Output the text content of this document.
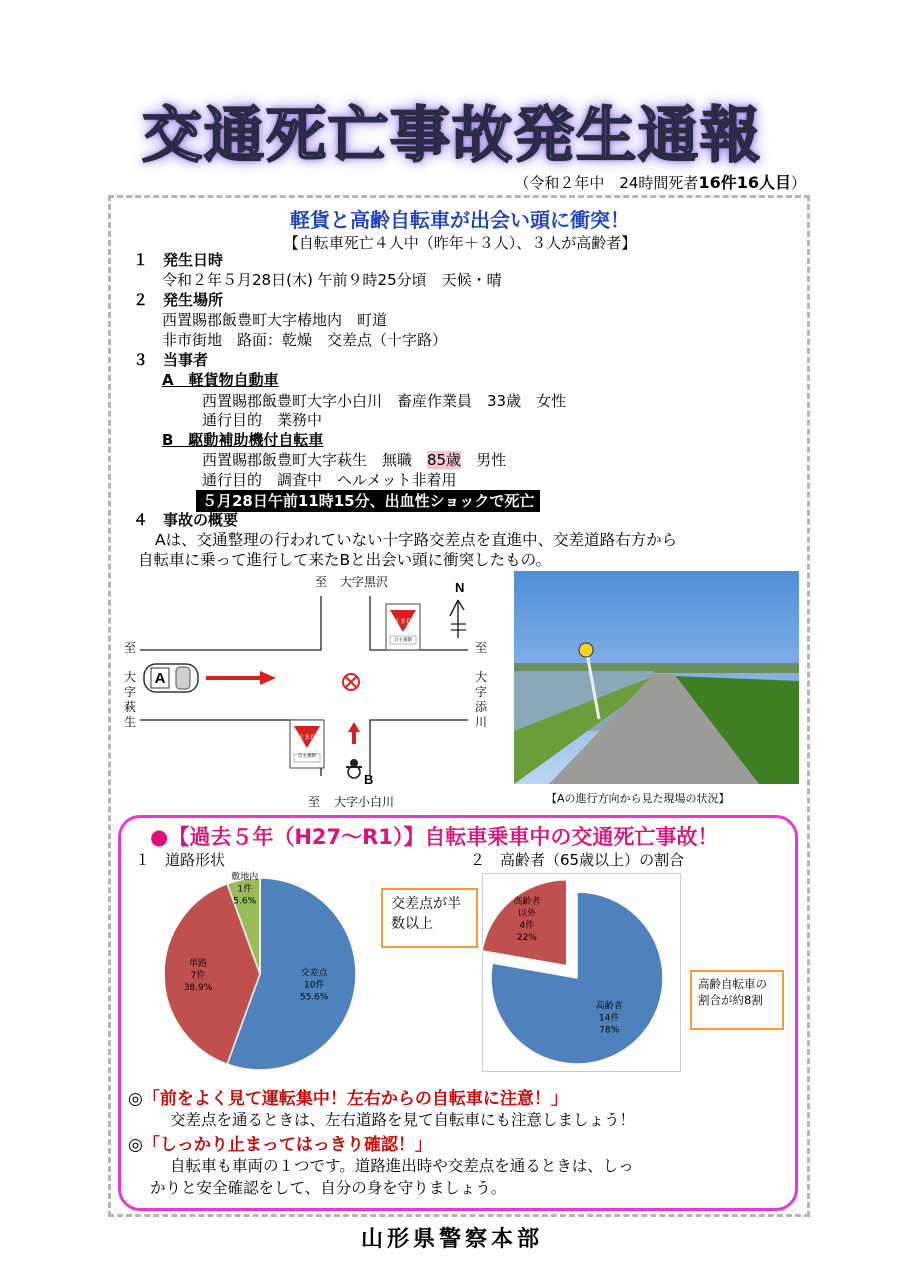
交通死亡事故発生通報
（令和２年中　24時間死者16件16人目）
軽貨と高齢自転車が出会い頭に衝突！
【自転車死亡４人中（昨年＋３人）、３人が高齢者】
１　 発生日時
令和２年５月28日(木) 午前９時25分頃　天候・晴
２　 発生場所
西置賜郡飯豊町大字椿地内　町道
非市街地　路面：乾燥　交差点（十字路）
３　 当事者
A　軽貨物自動車
西置賜郡飯豊町大字小白川　畜産作業員　33歳　女性
通行目的　業務中
B　駆動補助機付自転車
西置賜郡飯豊町大字萩生　無職　85歳　男性
通行目的　調査中　ヘルメット非着用
５月28日午前11時15分、出血性ショックで死亡
４　 事故の概要
Aは、交通整理の行われていない十字路交差点を直進中、交差道路右方から
自転車に乗って進行して来たBと出会い頭に衝突したもの。
A
B
N
至 大字黒沢
至	至
至 大字小白川
止まれ
自主規制
止まれ
自主規制
大字萩生
大字添川
【Aの進行方向から見た現場の状況】
●【過去５年（H27〜R1）】自転車乗車中の交通死亡事故！
１　道路形状	２　高齢者（65歳以上）の割合
交差点
10件
55.6%
単路
7件
38.9%
敷地内
1件
5.6%
高齢者
14件
78%
高齢者
以外
4件
22%
交差点が半数以上
高齢自転車の割合が約8割
◎「前をよく見て運転集中！左右からの自転車に注意！」
交差点を通るときは、左右道路を見て自転車にも注意しましょう！
◎「しっかり止まってはっきり確認！」
自転車も車両の１つです。道路進出時や交差点を通るときは、しっ
かりと安全確認をして、自分の身を守りましょう。
山形県警察本部
